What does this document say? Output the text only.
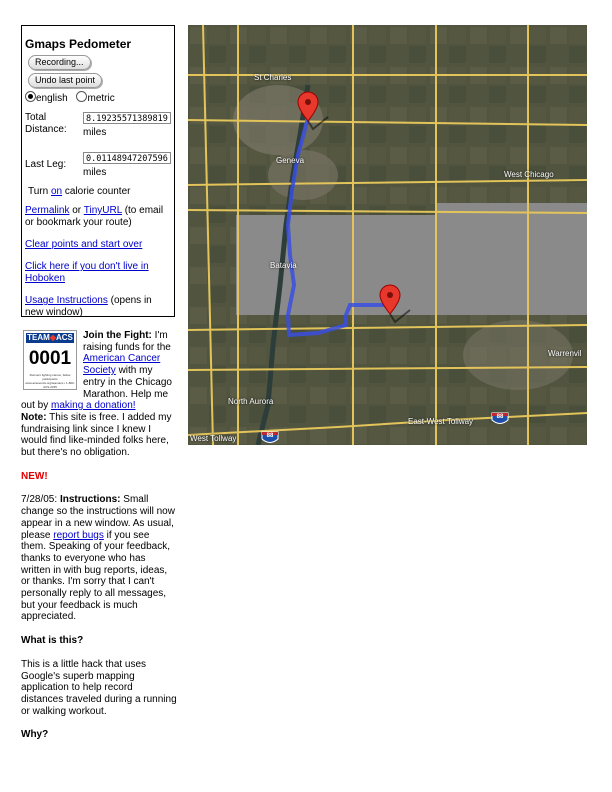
Gmaps Pedometer
Recording...
Undo last point
english metric
Total
Distance:
8.19235571389819
miles
Last Leg:	0.01148947207596
miles
Turn on calorie counter
Permalink or TinyURL (to email
or bookmark your route)
Clear points and start over
Click here if you don't live in
Hoboken
Usage Instructions (opens in
new window)
TEAM◆ACS
0001
Runners fighting cancer, fellow participants
www.acsevents.org/teamacs • 1-800-ACS-2345
Join the Fight: I'm raising funds for the American Cancer Society with my entry in the Chicago Marathon. Help me out by making a donation!
Note: This site is free. I added my fundraising link since I knew I would find like-minded folks here, but there's no obligation.
NEW!
7/28/05: Instructions: Small change so the instructions will now appear in a new window. As usual, please report bugs if you see them. Speaking of your feedback, thanks to everyone who has written in with bug reports, ideas, or thanks. I'm sorry that I can't personally reply to all messages, but your feedback is much appreciated.
What is this?
This is a little hack that uses Google's superb mapping application to help record distances traveled during a running or walking workout.
Why?
St Charles
Geneva
West Chicago
Batavia
Warrenvil
North Aurora
East-West Tollway
West Tollway	88
88
